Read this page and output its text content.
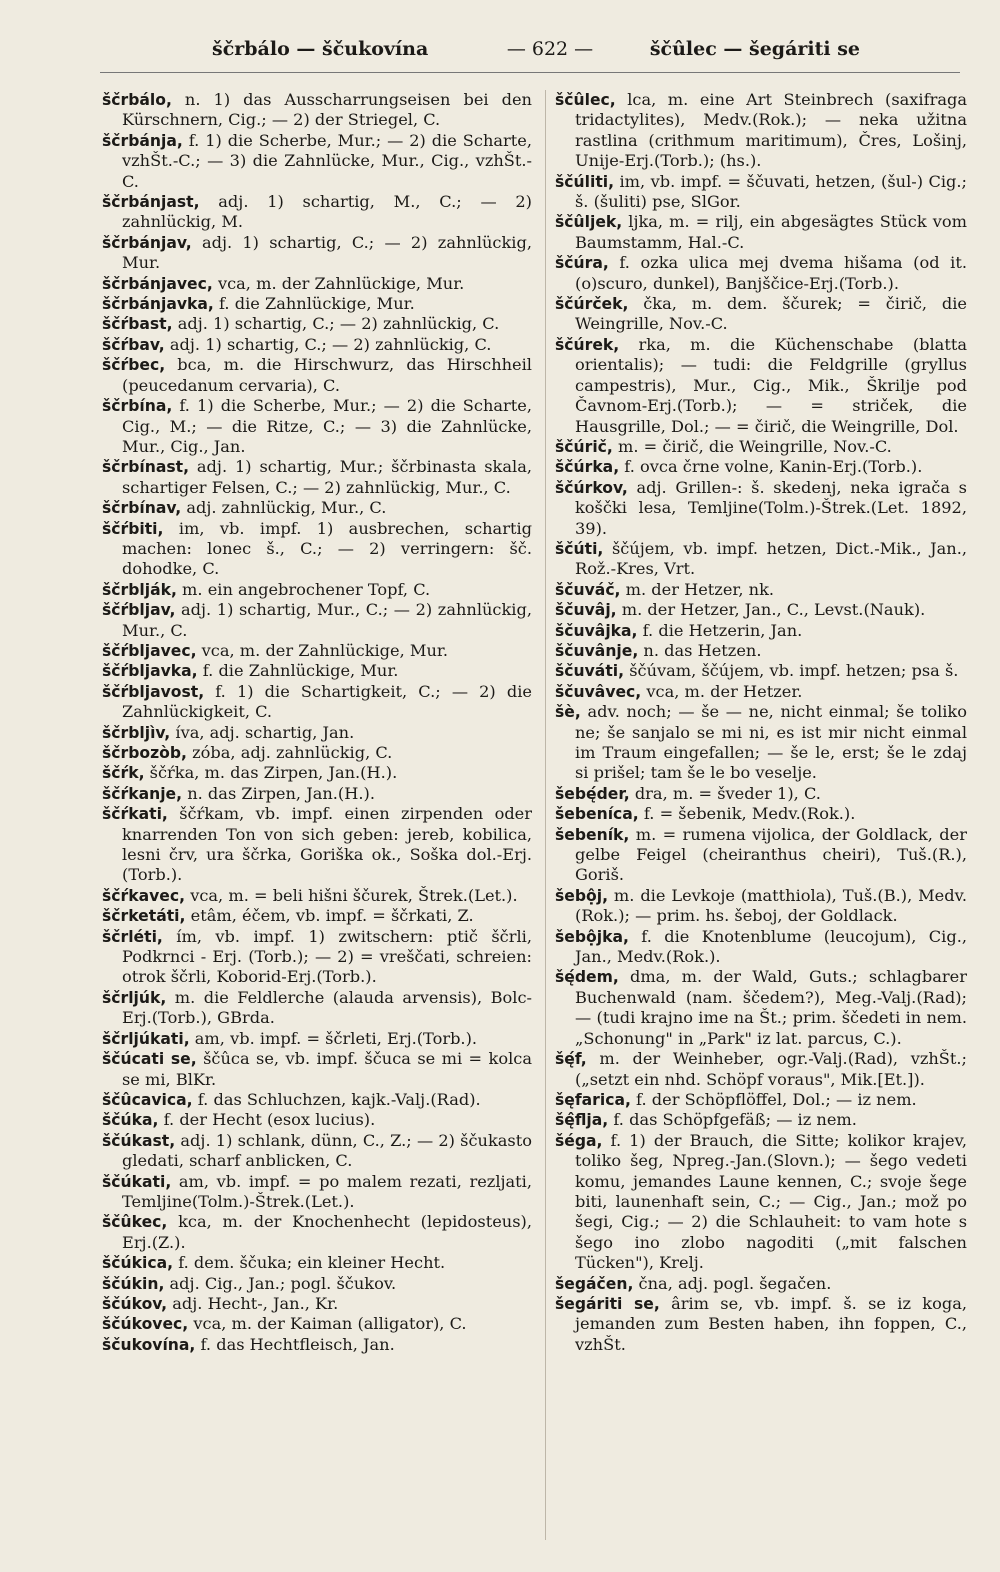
ščrbálo — ščukovína	— 622 —	ščûlec — šegáriti se
ščrbálo, n. 1) das Ausscharrungseisen bei den Kürschnern, Cig.; — 2) der Striegel, C.
ščrbánja, f. 1) die Scherbe, Mur.; — 2) die Scharte, vzhŠt.-C.; — 3) die Zahnlücke, Mur., Cig., vzhŠt.-C.
ščrbánjast, adj. 1) schartig, M., C.; — 2) zahnlückig, M.
ščrbánjav, adj. 1) schartig, C.; — 2) zahnlückig, Mur.
ščrbánjavec, vca, m. der Zahnlückige, Mur.
ščrbánjavka, f. die Zahnlückige, Mur.
ščŕbast, adj. 1) schartig, C.; — 2) zahnlückig, C.
ščŕbav, adj. 1) schartig, C.; — 2) zahnlückig, C.
ščŕbec, bca, m. die Hirschwurz, das Hirschheil (peucedanum cervaria), C.
ščrbína, f. 1) die Scherbe, Mur.; — 2) die Scharte, Cig., M.; — die Ritze, C.; — 3) die Zahnlücke, Mur., Cig., Jan.
ščrbínast, adj. 1) schartig, Mur.; ščrbinasta skala, schartiger Felsen, C.; — 2) zahnlückig, Mur., C.
ščrbínav, adj. zahnlückig, Mur., C.
ščŕbiti, im, vb. impf. 1) ausbrechen, schartig machen: lonec š., C.; — 2) verringern: šč. dohodke, C.
ščrblják, m. ein angebrochener Topf, C.
ščŕbljav, adj. 1) schartig, Mur., C.; — 2) zahnlückig, Mur., C.
ščŕbljavec, vca, m. der Zahnlückige, Mur.
ščŕbljavka, f. die Zahnlückige, Mur.
ščŕbljavost, f. 1) die Schartigkeit, C.; — 2) die Zahnlückigkeit, C.
ščrbljìv, íva, adj. schartig, Jan.
ščrbozòb, zóba, adj. zahnlückig, C.
ščŕk, ščŕka, m. das Zirpen, Jan.(H.).
ščŕkanje, n. das Zirpen, Jan.(H.).
ščŕkati, ščŕkam, vb. impf. einen zirpenden oder knarrenden Ton von sich geben: jereb, kobilica, lesni črv, ura ščrka, Goriška ok., Soška dol.-Erj.(Torb.).
ščŕkavec, vca, m. = beli hišni ščurek, Štrek.(Let.).
ščrketáti, etâm, éčem, vb. impf. = ščrkati, Z.
ščrléti, ím, vb. impf. 1) zwitschern: ptič ščrli, Podkrnci - Erj. (Torb.); — 2) = vreščati, schreien: otrok ščrli, Koborid-Erj.(Torb.).
ščrljúk, m. die Feldlerche (alauda arvensis), Bolc-Erj.(Torb.), GBrda.
ščrljúkati, am, vb. impf. = ščrleti, Erj.(Torb.).
ščúcati se, ščûca se, vb. impf. ščuca se mi = kolca se mi, BlKr.
ščûcavica, f. das Schluchzen, kajk.-Valj.(Rad).
ščúka, f. der Hecht (esox lucius).
ščúkast, adj. 1) schlank, dünn, C., Z.; — 2) ščukasto gledati, scharf anblicken, C.
ščúkati, am, vb. impf. = po malem rezati, rezljati, Temljine(Tolm.)-Štrek.(Let.).
ščûkec, kca, m. der Knochenhecht (lepidosteus), Erj.(Z.).
ščúkica, f. dem. ščuka; ein kleiner Hecht.
ščúkin, adj. Cig., Jan.; pogl. ščukov.
ščúkov, adj. Hecht-, Jan., Kr.
ščúkovec, vca, m. der Kaiman (alligator), C.
ščukovína, f. das Hechtfleisch, Jan.
ščûlec, lca, m. eine Art Steinbrech (saxifraga tridactylites), Medv.(Rok.); — neka užitna rastlina (crithmum maritimum), Čres, Lošinj, Unije-Erj.(Torb.); (hs.).
ščúliti, im, vb. impf. = ščuvati, hetzen, (šul-) Cig.; š. (šuliti) pse, SlGor.
ščûljek, ljka, m. = rilj, ein abgesägtes Stück vom Baumstamm, Hal.-C.
ščúra, f. ozka ulica mej dvema hišama (od it. (o)scuro, dunkel), Banjščice-Erj.(Torb.).
ščúrček, čka, m. dem. ščurek; = čirič, die Weingrille, Nov.-C.
ščúrek, rka, m. die Küchenschabe (blatta orientalis); — tudi: die Feldgrille (gryllus campestris), Mur., Cig., Mik., Škrilje pod Čavnom-Erj.(Torb.); — = striček, die Hausgrille, Dol.; — = čirič, die Weingrille, Dol.
ščúrič, m. = čirič, die Weingrille, Nov.-C.
ščúrka, f. ovca črne volne, Kanin-Erj.(Torb.).
ščúrkov, adj. Grillen-: š. skedenj, neka igrača s koščki lesa, Temljine(Tolm.)-Štrek.(Let. 1892, 39).
ščúti, ščújem, vb. impf. hetzen, Dict.-Mik., Jan., Rož.-Kres, Vrt.
ščuváč, m. der Hetzer, nk.
ščuvâj, m. der Hetzer, Jan., C., Levst.(Nauk).
ščuvâjka, f. die Hetzerin, Jan.
ščuvânje, n. das Hetzen.
ščuváti, ščúvam, ščújem, vb. impf. hetzen; psa š.
ščuvâvec, vca, m. der Hetzer.
šè, adv. noch; — še — ne, nicht einmal; še toliko ne; še sanjalo se mi ni, es ist mir nicht einmal im Traum eingefallen; — še le, erst; še le zdaj si prišel; tam še le bo veselje.
šebę́der, dra, m. = šveder 1), C.
šebeníca, f. = šebenik, Medv.(Rok.).
šebeník, m. = rumena vijolica, der Goldlack, der gelbe Feigel (cheiranthus cheiri), Tuš.(R.), Goriš.
šebộj, m. die Levkoje (matthiola), Tuš.(B.), Medv.(Rok.); — prim. hs. šeboj, der Goldlack.
šebộjka, f. die Knotenblume (leucojum), Cig., Jan., Medv.(Rok.).
šę́dem, dma, m. der Wald, Guts.; schlagbarer Buchenwald (nam. ščedem?), Meg.-Valj.(Rad); — (tudi krajno ime na Št.; prim. ščedeti in nem. „Schonung" in „Park" iz lat. parcus, C.).
šę́f, m. der Weinheber, ogr.-Valj.(Rad), vzhŠt.; („setzt ein nhd. Schöpf voraus", Mik.[Et.]).
šęfarica, f. der Schöpflöffel, Dol.; — iz nem.
šę̂flja, f. das Schöpfgefäß; — iz nem.
šéga, f. 1) der Brauch, die Sitte; kolikor krajev, toliko šeg, Npreg.-Jan.(Slovn.); — šego vedeti komu, jemandes Laune kennen, C.; svoje šege biti, launenhaft sein, C.; — Cig., Jan.; mož po šegi, Cig.; — 2) die Schlauheit: to vam hote s šego ino zlobo nagoditi („mit falschen Tücken"), Krelj.
šegáčen, čna, adj. pogl. šegačen.
šegáriti se, ârim se, vb. impf. š. se iz koga, jemanden zum Besten haben, ihn foppen, C., vzhŠt.
